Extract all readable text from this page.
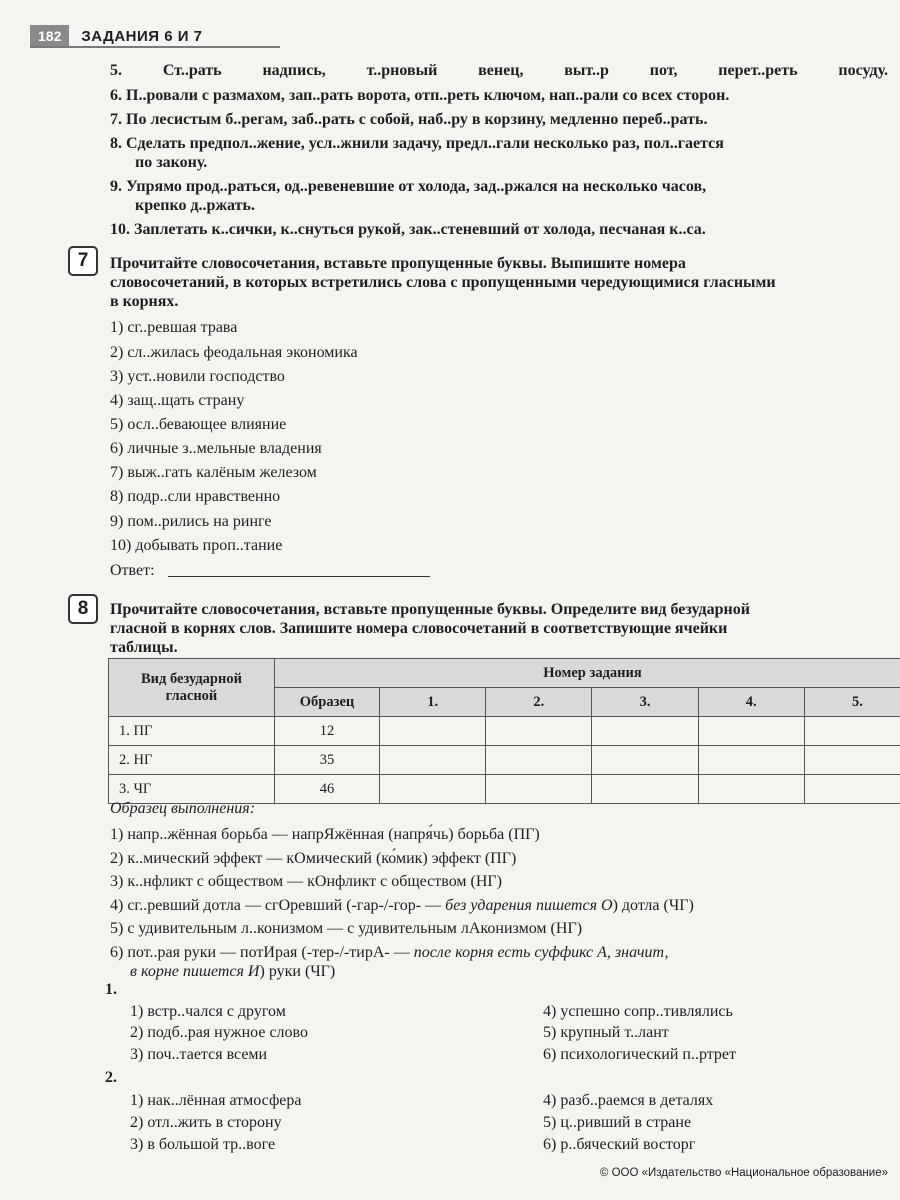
182	ЗАДАНИЯ 6 И 7
5.	Ст..рать надпись, т..рновый венец, выт..р пот, перет..реть посуду.
6. П..ровали с размахом, зап..рать ворота, отп..реть ключом, нап..рали со всех сторон.
7. По лесистым б..регам, заб..рать с собой, наб..ру в корзину, медленно переб..рать.
8. Сделать предпол..жение, усл..жнили задачу, предл..гали несколько раз, пол..гается
по закону.
9. Упрямо прод..раться, од..ревеневшие от холода, зад..ржался на несколько часов,
крепко д..ржать.
10. Заплетать к..сички, к..снуться рукой, зак..стеневший от холода, песчаная к..са.
7	Прочитайте словосочетания, вставьте пропущенные буквы. Выпишите номера
словосочетаний, в которых встретились слова с пропущенными чередующимися гласными
в корнях.
1) сг..ревшая трава
2) сл..жилась феодальная экономика
3) уст..новили господство
4) защ..щать страну
5) осл..бевающее влияние
6) личные з..мельные владения
7) выж..гать калёным железом
8) подр..сли нравственно
9) пом..рились на ринге
10) добывать проп..тание
Ответ:
8	Прочитайте словосочетания, вставьте пропущенные буквы. Определите вид безударной
гласной в корнях слов. Запишите номера словосочетаний в соответствующие ячейки
таблицы.
Вид безударной
гласной	Номер задания					
	Образец	1.	2.	3.	4.	5.
1. ПГ	12					
2. НГ	35					
3. ЧГ	46					
Образец выполнения:
1) напр..жённая борьба — напрЯжённая (напря́чь) борьба (ПГ)
2) к..мический эффект — кОмический (ко́мик) эффект (ПГ)
3) к..нфликт с обществом — кОнфликт с обществом (НГ)
4) сг..ревший дотла — сгОревший (-гар-/-гор- — без ударения пишется О) дотла (ЧГ)
5) с удивительным л..конизмом — с удивительным лАконизмом (НГ)
6) пот..рая руки — потИрая (-тер-/-тирА- — после корня есть суффикс А, значит,
в корне пишется И) руки (ЧГ)
1.
1) встр..чался с другом
2) подб..рая нужное слово
3) поч..тается всеми
4) успешно сопр..тивлялись
5) крупный т..лант
6) психологический п..ртрет
2.
1) нак..лённая атмосфера
2) отл..жить в сторону
3) в большой тр..воге
4) разб..раемся в деталях
5) ц..ривший в стране
6) р..бяческий восторг
© ООО «Издательство «Национальное образование»
